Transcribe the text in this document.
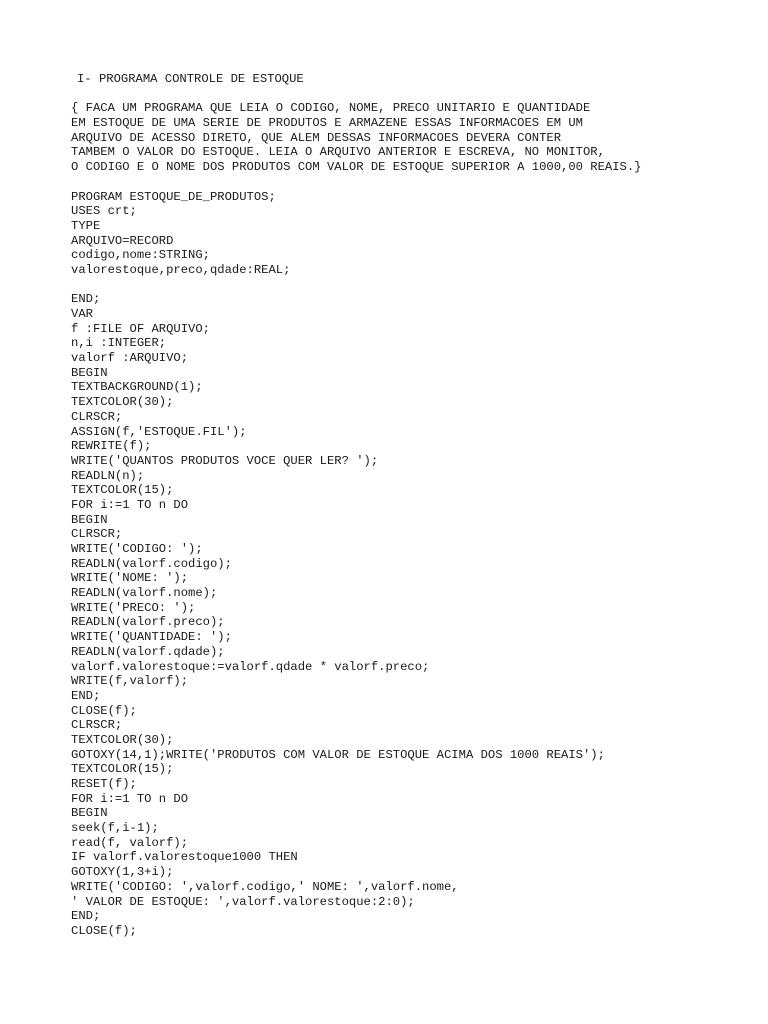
I- PROGRAMA CONTROLE DE ESTOQUE
{ FACA UM PROGRAMA QUE LEIA O CODIGO, NOME, PRECO UNITARIO E QUANTIDADE
EM ESTOQUE DE UMA SERIE DE PRODUTOS E ARMAZENE ESSAS INFORMACOES EM UM
ARQUIVO DE ACESSO DIRETO, QUE ALEM DESSAS INFORMACOES DEVERA CONTER
TAMBEM O VALOR DO ESTOQUE. LEIA O ARQUIVO ANTERIOR E ESCREVA, NO MONITOR,
O CODIGO E O NOME DOS PRODUTOS COM VALOR DE ESTOQUE SUPERIOR A 1000,00 REAIS.}
PROGRAM ESTOQUE_DE_PRODUTOS;
USES crt;
TYPE
ARQUIVO=RECORD
codigo,nome:STRING;
valorestoque,preco,qdade:REAL;
END;
VAR
f :FILE OF ARQUIVO;
n,i :INTEGER;
valorf :ARQUIVO;
BEGIN
TEXTBACKGROUND(1);
TEXTCOLOR(30);
CLRSCR;
ASSIGN(f,'ESTOQUE.FIL');
REWRITE(f);
WRITE('QUANTOS PRODUTOS VOCE QUER LER? ');
READLN(n);
TEXTCOLOR(15);
FOR i:=1 TO n DO
BEGIN
CLRSCR;
WRITE('CODIGO: ');
READLN(valorf.codigo);
WRITE('NOME: ');
READLN(valorf.nome);
WRITE('PRECO: ');
READLN(valorf.preco);
WRITE('QUANTIDADE: ');
READLN(valorf.qdade);
valorf.valorestoque:=valorf.qdade * valorf.preco;
WRITE(f,valorf);
END;
CLOSE(f);
CLRSCR;
TEXTCOLOR(30);
GOTOXY(14,1);WRITE('PRODUTOS COM VALOR DE ESTOQUE ACIMA DOS 1000 REAIS');
TEXTCOLOR(15);
RESET(f);
FOR i:=1 TO n DO
BEGIN
seek(f,i-1);
read(f, valorf);
IF valorf.valorestoque1000 THEN
GOTOXY(1,3+i);
WRITE('CODIGO: ',valorf.codigo,' NOME: ',valorf.nome,
' VALOR DE ESTOQUE: ',valorf.valorestoque:2:0);
END;
CLOSE(f);
